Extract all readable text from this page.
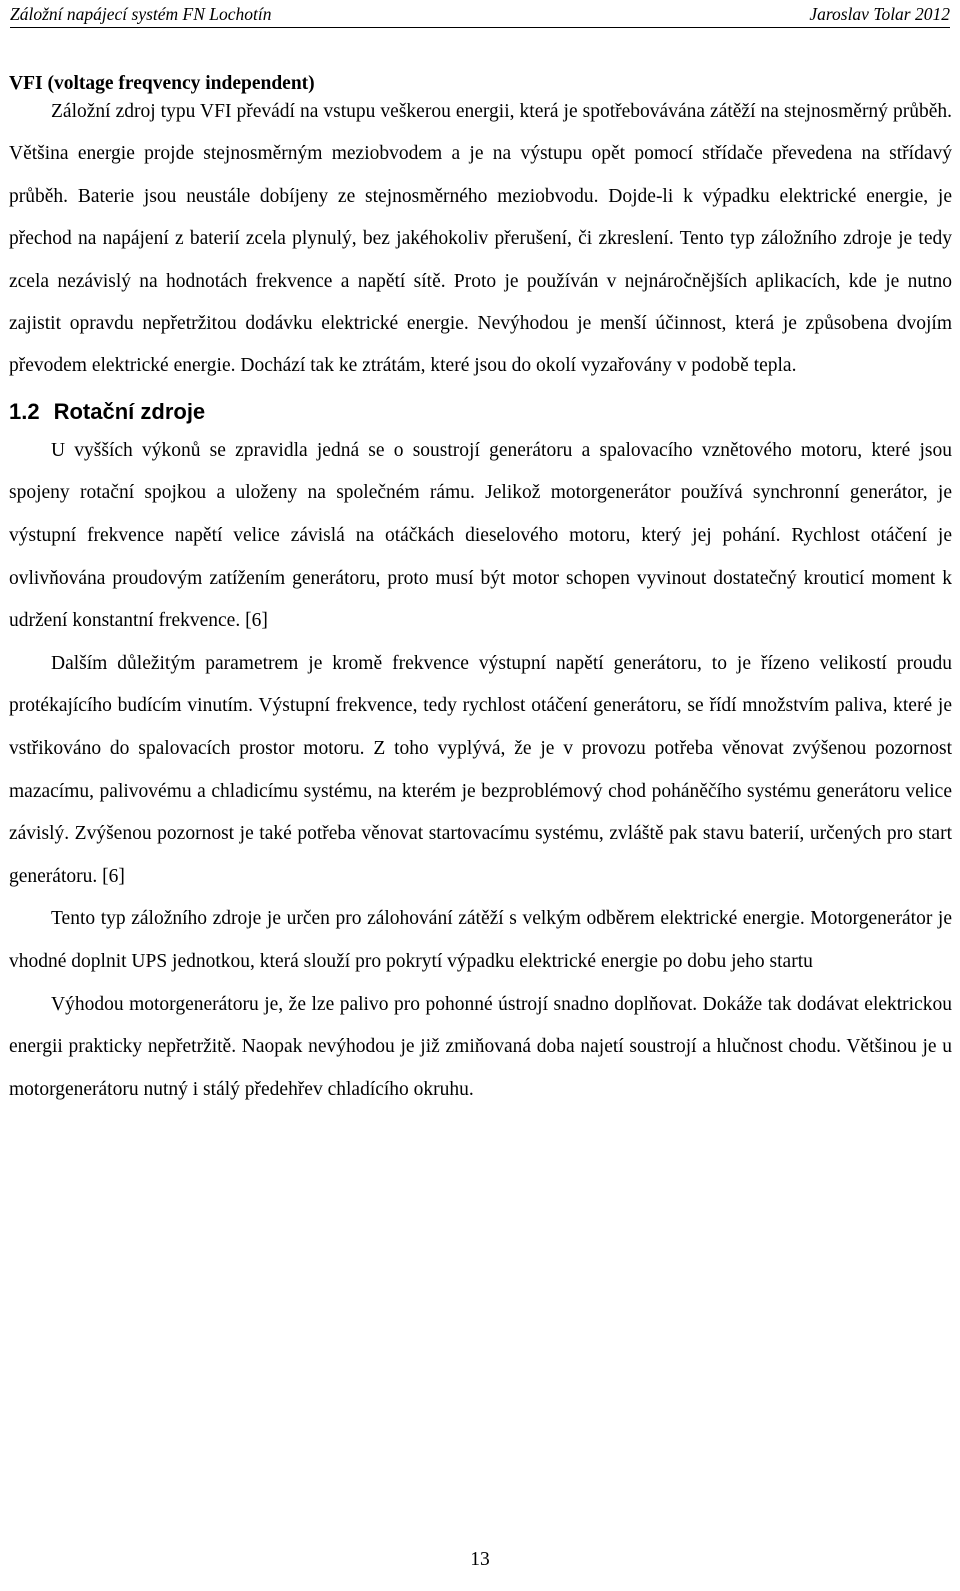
Záložní napájecí systém FN Lochotín	Jaroslav Tolar 2012
VFI (voltage freqvency independent)

Záložní zdroj typu VFI převádí na vstupu veškerou energii, která je spotřebovávána zátěží na stejnosměrný průběh. Většina energie projde stejnosměrným meziobvodem a je na výstupu opět pomocí střídače převedena na střídavý průběh. Baterie jsou neustále dobíjeny ze stejnosměrného meziobvodu. Dojde-li k výpadku elektrické energie, je přechod na napájení z baterií zcela plynulý, bez jakéhokoliv přerušení, či zkreslení. Tento typ záložního zdroje je tedy zcela nezávislý na hodnotách frekvence a napětí sítě. Proto je používán v nejnáročnějších aplikacích, kde je nutno zajistit opravdu nepřetržitou dodávku elektrické energie. Nevýhodou je menší účinnost, která je způsobena dvojím převodem elektrické energie. Dochází tak ke ztrátám, které jsou do okolí vyzařovány v podobě tepla.

1.2 Rotační zdroje

U vyšších výkonů se zpravidla jedná se o soustrojí generátoru a spalovacího vznětového motoru, které jsou spojeny rotační spojkou a uloženy na společném rámu. Jelikož motorgenerátor používá synchronní generátor, je výstupní frekvence napětí velice závislá na otáčkách dieselového motoru, který jej pohání. Rychlost otáčení je ovlivňována proudovým zatížením generátoru, proto musí být motor schopen vyvinout dostatečný krouticí moment k udržení konstantní frekvence. [6]

Dalším důležitým parametrem je kromě frekvence výstupní napětí generátoru, to je řízeno velikostí proudu protékajícího budícím vinutím. Výstupní frekvence, tedy rychlost otáčení generátoru, se řídí množstvím paliva, které je vstřikováno do spalovacích prostor motoru. Z toho vyplývá, že je v provozu potřeba věnovat zvýšenou pozornost mazacímu, palivovému a chladicímu systému, na kterém je bezproblémový chod poháněčího systému generátoru velice závislý. Zvýšenou pozornost je také potřeba věnovat startovacímu systému, zvláště pak stavu baterií, určených pro start generátoru. [6]

Tento typ záložního zdroje je určen pro zálohování zátěží s velkým odběrem elektrické energie. Motorgenerátor je vhodné doplnit UPS jednotkou, která slouží pro pokrytí výpadku elektrické energie po dobu jeho startu

Výhodou motorgenerátoru je, že lze palivo pro pohonné ústrojí snadno doplňovat. Dokáže tak dodávat elektrickou energii prakticky nepřetržitě. Naopak nevýhodou je již zmiňovaná doba najetí soustrojí a hlučnost chodu. Většinou je u motorgenerátoru nutný i stálý předehřev chladícího okruhu.

13
